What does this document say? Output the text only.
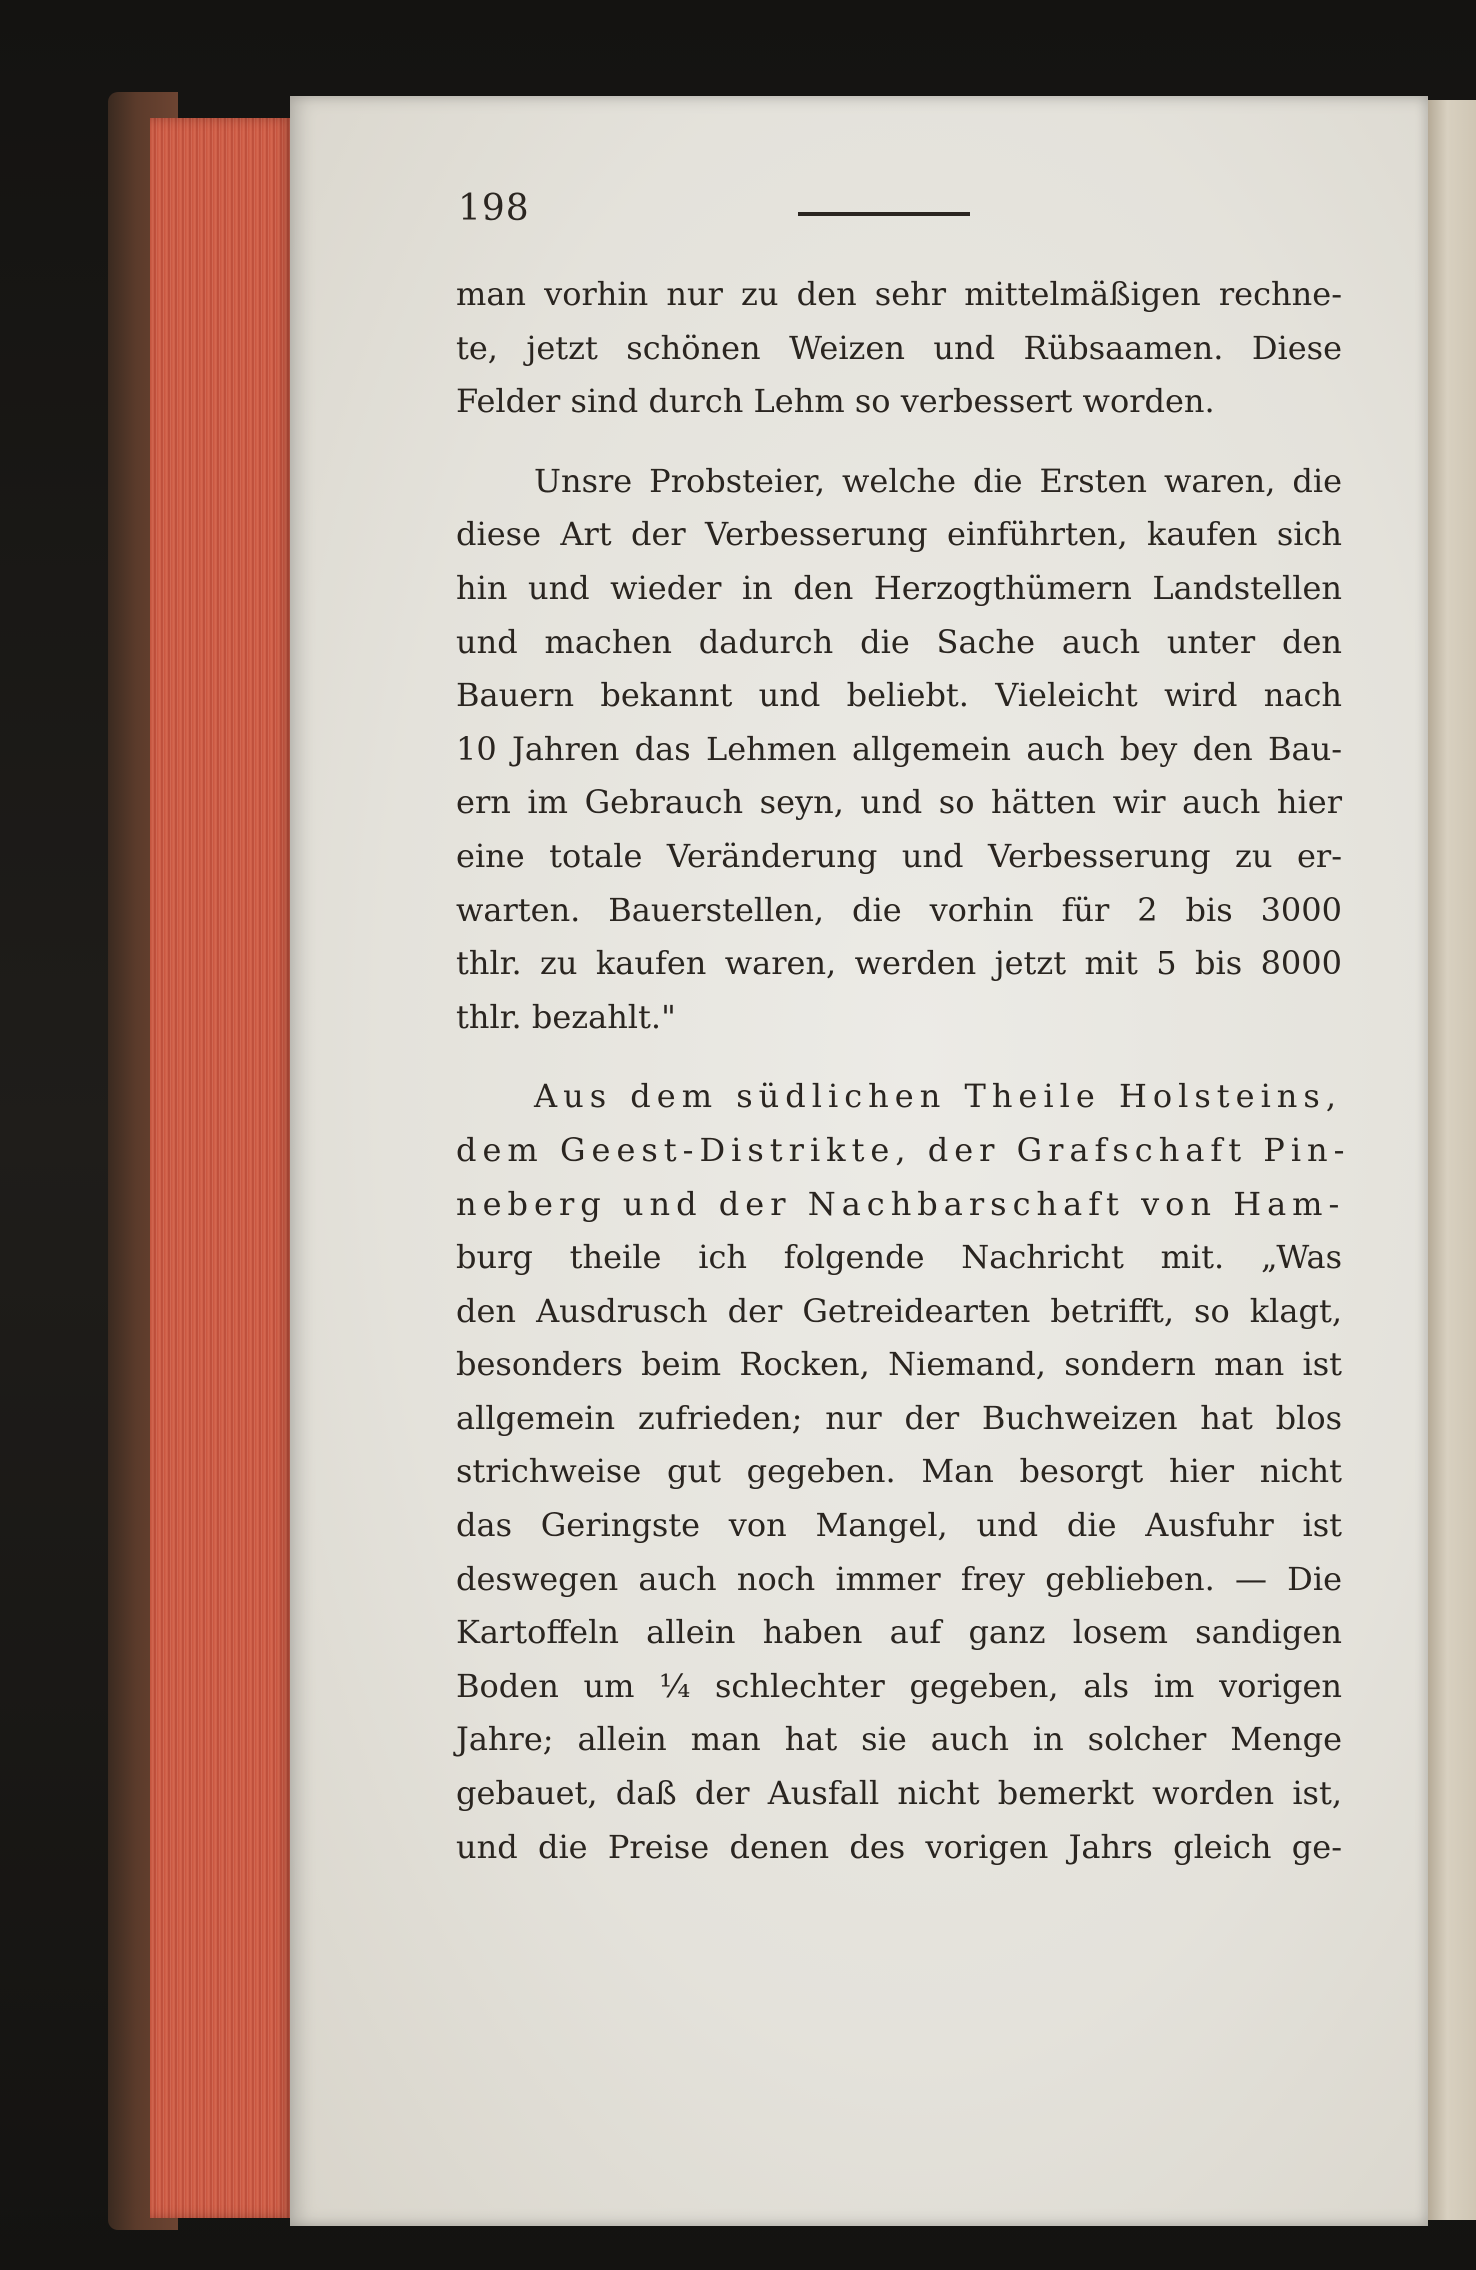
198

man vorhin nur zu den sehr mittelmäßigen rechne-
te, jetzt schönen Weizen und Rübsaamen. Diese
Felder sind durch Lehm so verbessert worden.

Unsre Probsteier, welche die Ersten waren, die
diese Art der Verbesserung einführten, kaufen sich
hin und wieder in den Herzogthümern Landstellen
und machen dadurch die Sache auch unter den
Bauern bekannt und beliebt. Vieleicht wird nach
10 Jahren das Lehmen allgemein auch bey den Bau-
ern im Gebrauch seyn, und so hätten wir auch hier
eine totale Veränderung und Verbesserung zu er-
warten. Bauerstellen, die vorhin für 2 bis 3000
thlr. zu kaufen waren, werden jetzt mit 5 bis 8000
thlr. bezahlt."

Aus dem südlichen Theile Holsteins,
dem Geest-Distrikte, der Grafschaft Pin-
neberg und der Nachbarschaft von Ham-
burg theile ich folgende Nachricht mit. „Was
den Ausdrusch der Getreidearten betrifft, so klagt,
besonders beim Rocken, Niemand, sondern man ist
allgemein zufrieden; nur der Buchweizen hat blos
strichweise gut gegeben. Man besorgt hier nicht
das Geringste von Mangel, und die Ausfuhr ist
deswegen auch noch immer frey geblieben. — Die
Kartoffeln allein haben auf ganz losem sandigen
Boden um ¼ schlechter gegeben, als im vorigen
Jahre; allein man hat sie auch in solcher Menge
gebauet, daß der Ausfall nicht bemerkt worden ist,
und die Preise denen des vorigen Jahrs gleich ge-
